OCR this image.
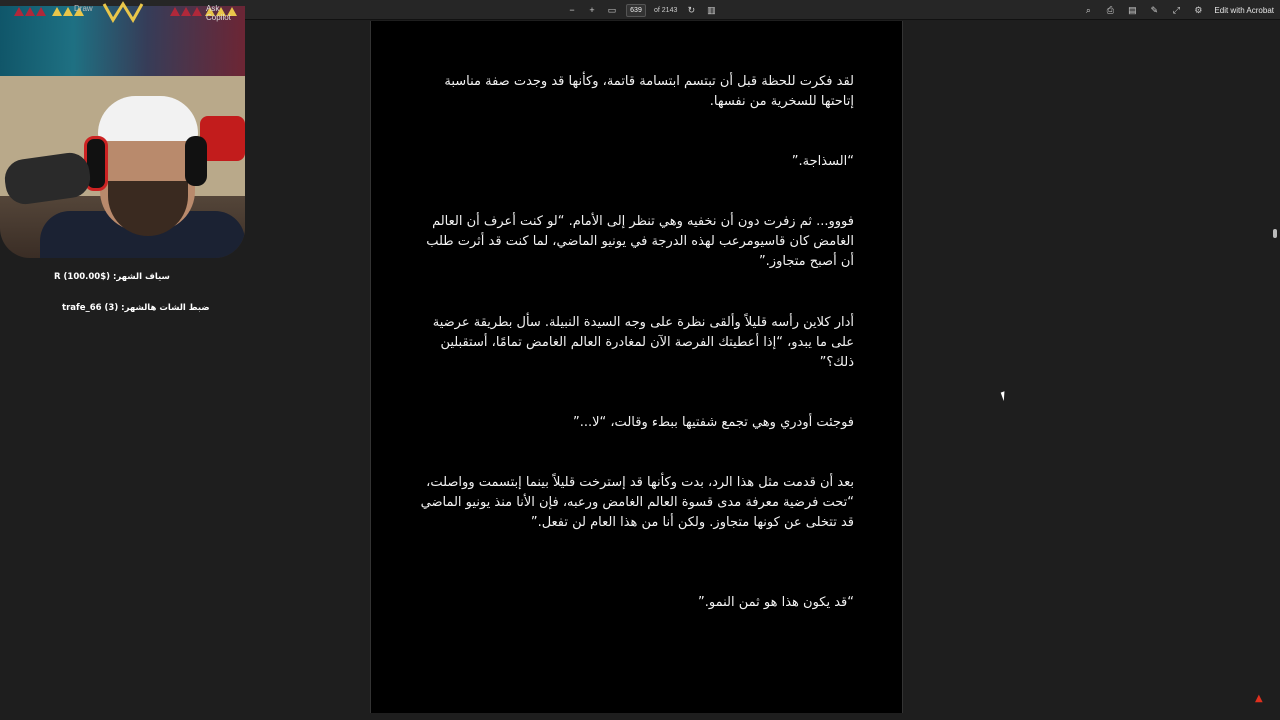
−	+	▭	639	of 2143 ↻ ▥	⌕	⎙ ▤ ✎ ⤢ ⚙ Edit with Acrobat

لقد فكرت للحظة قبل أن تبتسم ابتسامة قاتمة، وكأنها قد وجدت صفة مناسبة إتاحتها للسخرية من نفسها.

“السذاجة.”

فووو... ثم زفرت دون أن نخفيه وهي تنظر إلى الأمام. “لو كنت أعرف أن العالم الغامض كان قاسيومرعب لهذه الدرجة في يونيو الماضي، لما كنت قد أثرت طلب أن أصبح متجاوز.”

أدار كلاين رأسه قليلاً وألقى نظرة على وجه السيدة النبيلة. سأل بطريقة عرضية على ما يبدو، “إذا أعطيتك الفرصة الآن لمغادرة العالم الغامض تمامًا، أستقبلين ذلك؟”

فوجئت أودري وهي تجمع شفتيها ببطء وقالت، “لا...”

بعد أن قدمت مثل هذا الرد، بدت وكأنها قد إسترخت قليلاً بينما إبتسمت وواصلت، “تحت فرضية معرفة مدى قسوة العالم الغامض ورعبه، فإن الأنا منذ يونيو الماضي قد تتخلى عن كونها متجاوز. ولكن أنا من هذا العام لن تفعل.”

“قد يكون هذا هو ثمن النمو.”

▲
Draw	Ask Copilot
سياف الشهر: ($100.00) R
ضبط الشات هالشهر: (3) trafe_66
